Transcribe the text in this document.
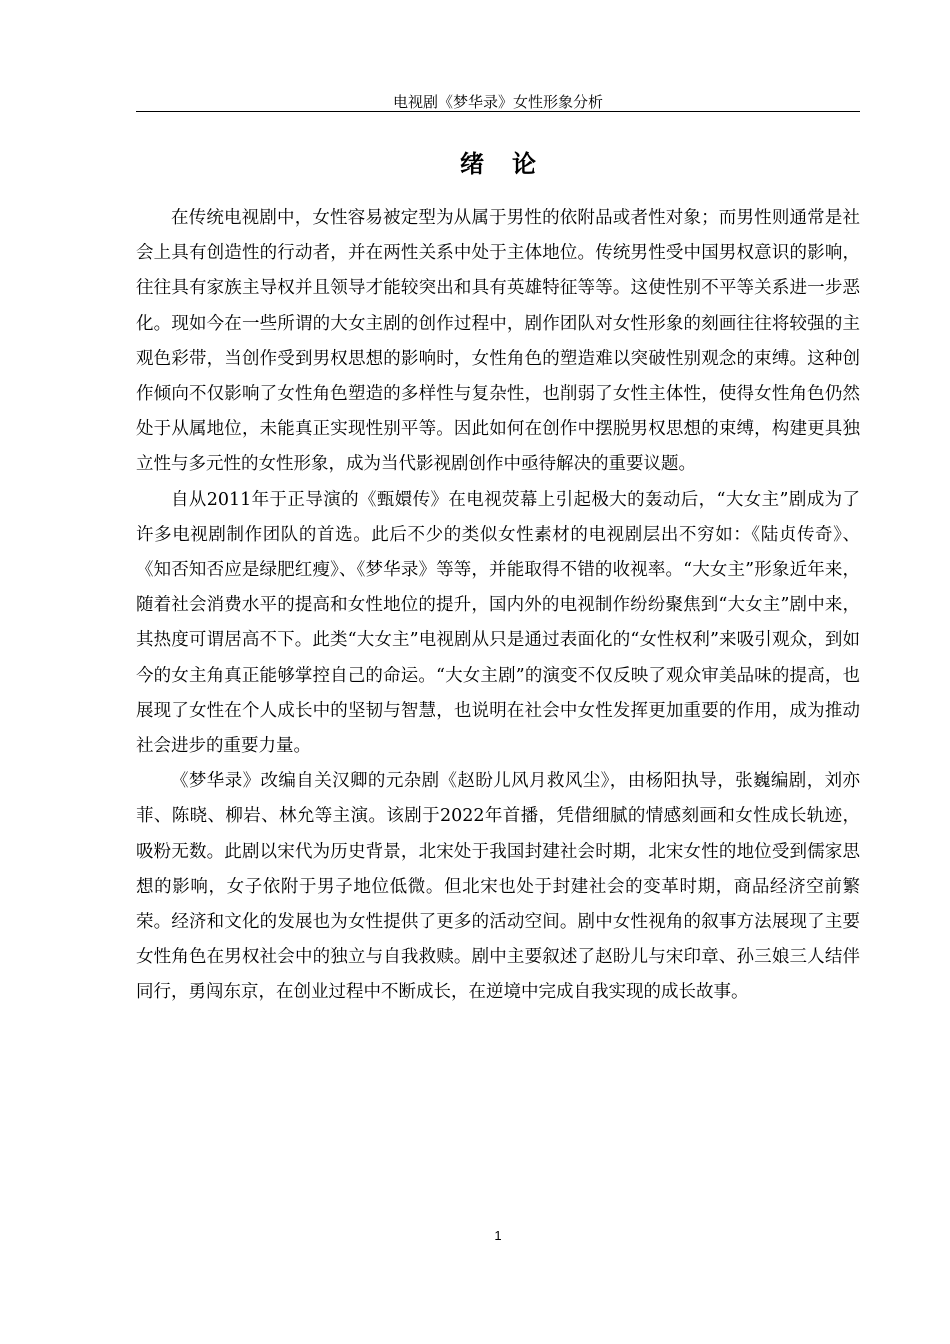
电视剧《梦华录》女性形象分析
绪论

在传统电视剧中，女性容易被定型为从属于男性的依附品或者性对象；而男性则通常是社会上具有创造性的行动者，并在两性关系中处于主体地位。传统男性受中国男权意识的影响，往往具有家族主导权并且领导才能较突出和具有英雄特征等等。这使性别不平等关系进一步恶化。现如今在一些所谓的大女主剧的创作过程中，剧作团队对女性形象的刻画往往将较强的主观色彩带，当创作受到男权思想的影响时，女性角色的塑造难以突破性别观念的束缚。这种创作倾向不仅影响了女性角色塑造的多样性与复杂性，也削弱了女性主体性，使得女性角色仍然处于从属地位，未能真正实现性别平等。因此如何在创作中摆脱男权思想的束缚，构建更具独立性与多元性的女性形象，成为当代影视剧创作中亟待解决的重要议题。

自从2011年于正导演的《甄嬛传》在电视荧幕上引起极大的轰动后，“大女主”剧成为了许多电视剧制作团队的首选。此后不少的类似女性素材的电视剧层出不穷如：《陆贞传奇》、《知否知否应是绿肥红瘦》、《梦华录》等等，并能取得不错的收视率。“大女主”形象近年来，随着社会消费水平的提高和女性地位的提升，国内外的电视制作纷纷聚焦到“大女主”剧中来，其热度可谓居高不下。此类“大女主”电视剧从只是通过表面化的“女性权利”来吸引观众，到如今的女主角真正能够掌控自己的命运。“大女主剧”的演变不仅反映了观众审美品味的提高，也展现了女性在个人成长中的坚韧与智慧，也说明在社会中女性发挥更加重要的作用，成为推动社会进步的重要力量。

《梦华录》改编自关汉卿的元杂剧《赵盼儿风月救风尘》，由杨阳执导，张巍编剧，刘亦菲、陈晓、柳岩、林允等主演。该剧于2022年首播，凭借细腻的情感刻画和女性成长轨迹，吸粉无数。此剧以宋代为历史背景，北宋处于我国封建社会时期，北宋女性的地位受到儒家思想的影响，女子依附于男子地位低微。但北宋也处于封建社会的变革时期，商品经济空前繁荣。经济和文化的发展也为女性提供了更多的活动空间。剧中女性视角的叙事方法展现了主要女性角色在男权社会中的独立与自我救赎。剧中主要叙述了赵盼儿与宋印章、孙三娘三人结伴同行，勇闯东京，在创业过程中不断成长，在逆境中完成自我实现的成长故事。

1
